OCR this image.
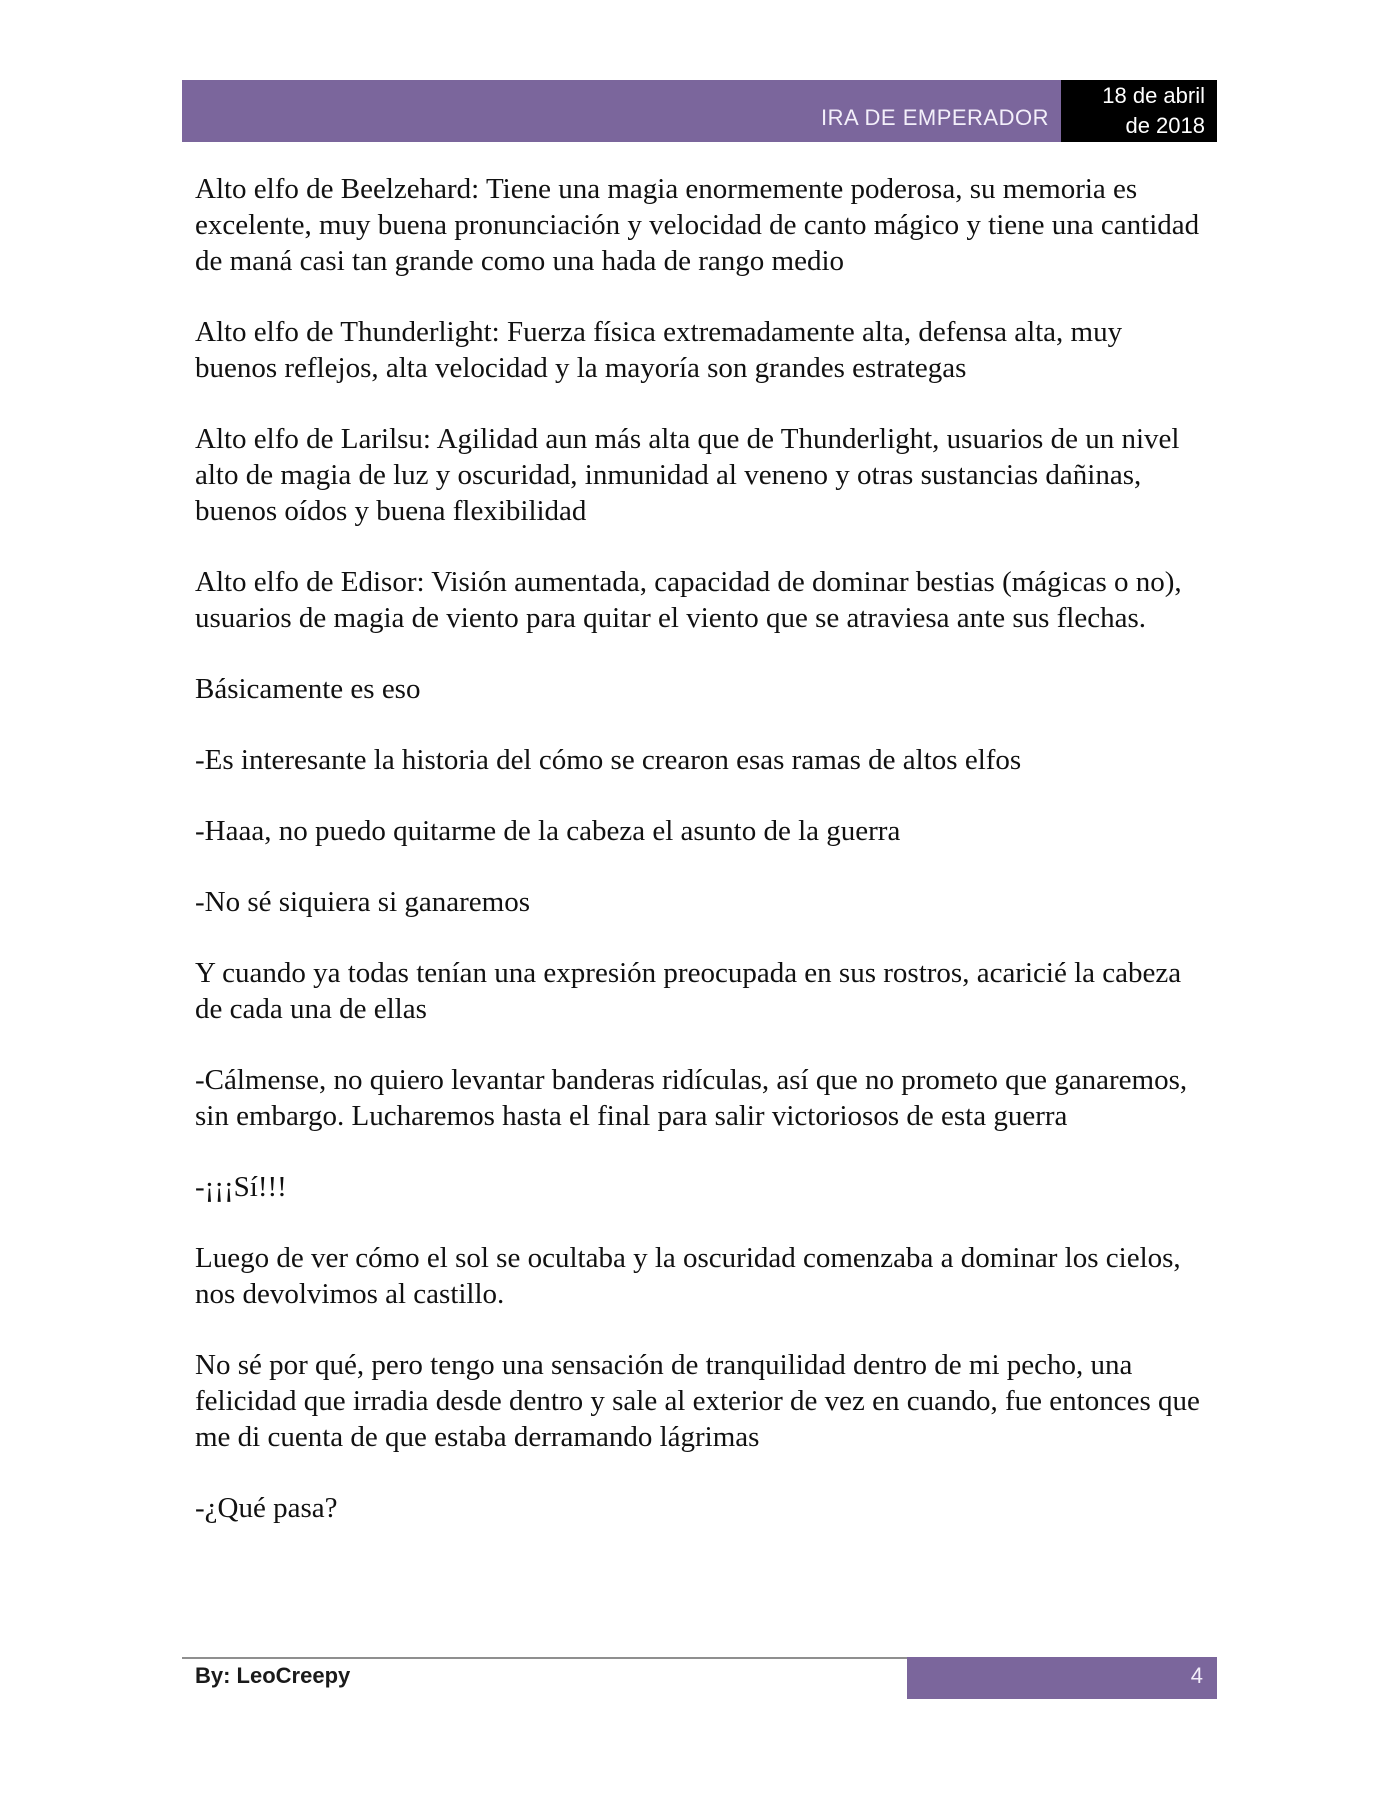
IRA DE EMPERADOR
18 de abril
de 2018

Alto elfo de Beelzehard: Tiene una magia enormemente poderosa, su memoria es excelente, muy buena pronunciación y velocidad de canto mágico y tiene una cantidad de maná casi tan grande como una hada de rango medio

Alto elfo de Thunderlight: Fuerza física extremadamente alta, defensa alta, muy buenos reflejos, alta velocidad y la mayoría son grandes estrategas

Alto elfo de Larilsu: Agilidad aun más alta que de Thunderlight, usuarios de un nivel alto de magia de luz y oscuridad, inmunidad al veneno y otras sustancias dañinas, buenos oídos y buena flexibilidad

Alto elfo de Edisor: Visión aumentada, capacidad de dominar bestias (mágicas o no), usuarios de magia de viento para quitar el viento que se atraviesa ante sus flechas.

Básicamente es eso

-Es interesante la historia del cómo se crearon esas ramas de altos elfos

-Haaa, no puedo quitarme de la cabeza el asunto de la guerra

-No sé siquiera si ganaremos

Y cuando ya todas tenían una expresión preocupada en sus rostros, acaricié la cabeza de cada una de ellas

-Cálmense, no quiero levantar banderas ridículas, así que no prometo que ganaremos, sin embargo. Lucharemos hasta el final para salir victoriosos de esta guerra

-¡¡¡Sí!!!

Luego de ver cómo el sol se ocultaba y la oscuridad comenzaba a dominar los cielos, nos devolvimos al castillo.

No sé por qué, pero tengo una sensación de tranquilidad dentro de mi pecho, una felicidad que irradia desde dentro y sale al exterior de vez en cuando, fue entonces que me di cuenta de que estaba derramando lágrimas

-¿Qué pasa?

By: LeoCreepy	4
